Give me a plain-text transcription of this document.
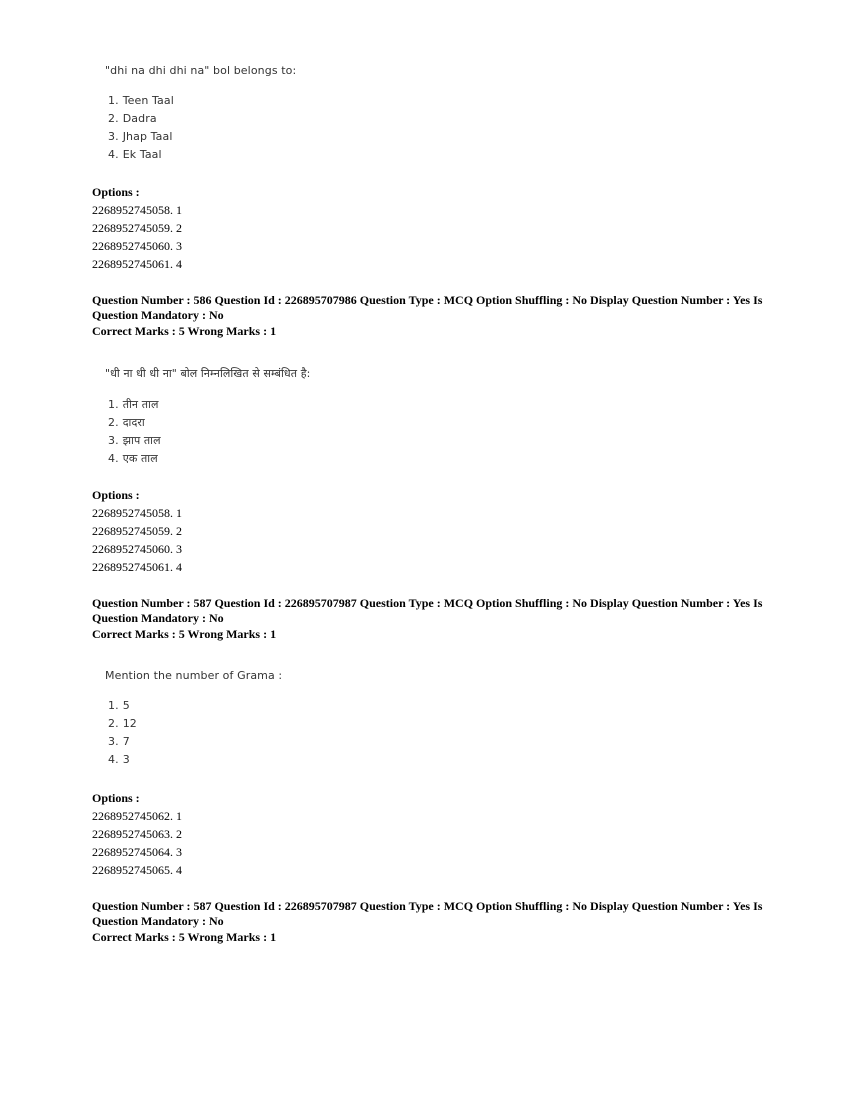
"dhi na dhi dhi na" bol belongs to:
1. Teen Taal
2. Dadra
3. Jhap Taal
4. Ek Taal
Options :
2268952745058. 1
2268952745059. 2
2268952745060. 3
2268952745061. 4
Question Number : 586 Question Id : 226895707986 Question Type : MCQ Option Shuffling : No Display Question Number : Yes Is
Question Mandatory : No
Correct Marks : 5 Wrong Marks : 1
"धी ना धी धी ना" बोल निम्नलिखित से सम्बंधित है:
1. तीन ताल
2. दादरा
3. झाप ताल
4. एक ताल
Options :
2268952745058. 1
2268952745059. 2
2268952745060. 3
2268952745061. 4
Question Number : 587 Question Id : 226895707987 Question Type : MCQ Option Shuffling : No Display Question Number : Yes Is
Question Mandatory : No
Correct Marks : 5 Wrong Marks : 1
Mention the number of Grama :
1. 5
2. 12
3. 7
4. 3
Options :
2268952745062. 1
2268952745063. 2
2268952745064. 3
2268952745065. 4
Question Number : 587 Question Id : 226895707987 Question Type : MCQ Option Shuffling : No Display Question Number : Yes Is
Question Mandatory : No
Correct Marks : 5 Wrong Marks : 1
